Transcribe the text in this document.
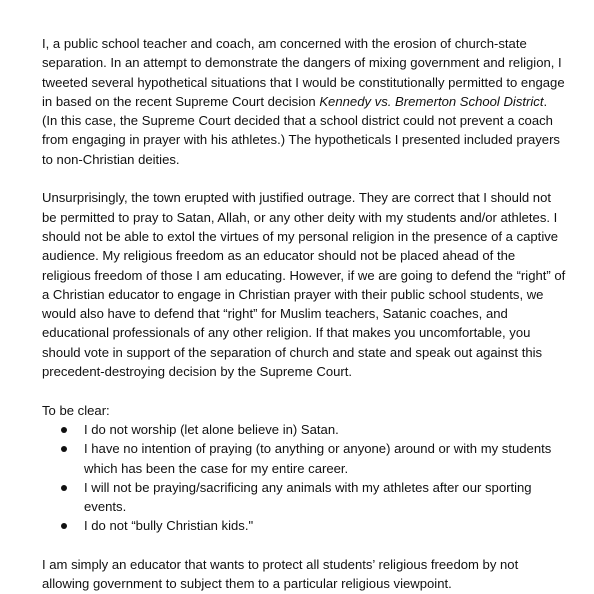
I, a public school teacher and coach, am concerned with the erosion of church-state separation. In an attempt to demonstrate the dangers of mixing government and religion, I tweeted several hypothetical situations that I would be constitutionally permitted to engage in based on the recent Supreme Court decision Kennedy vs. Bremerton School District. (In this case, the Supreme Court decided that a school district could not prevent a coach from engaging in prayer with his athletes.) The hypotheticals I presented included prayers to non-Christian deities.

Unsurprisingly, the town erupted with justified outrage. They are correct that I should not be permitted to pray to Satan, Allah, or any other deity with my students and/or athletes. I should not be able to extol the virtues of my personal religion in the presence of a captive audience. My religious freedom as an educator should not be placed ahead of the religious freedom of those I am educating. However, if we are going to defend the “right” of a Christian educator to engage in Christian prayer with their public school students, we would also have to defend that “right” for Muslim teachers, Satanic coaches, and educational professionals of any other religion. If that makes you uncomfortable, you should vote in support of the separation of church and state and speak out against this precedent-destroying decision by the Supreme Court.

To be clear:

I do not worship (let alone believe in) Satan.
I have no intention of praying (to anything or anyone) around or with my students which has been the case for my entire career.
I will not be praying/sacrificing any animals with my athletes after our sporting events.
I do not “bully Christian kids."

I am simply an educator that wants to protect all students’ religious freedom by not allowing government to subject them to a particular religious viewpoint.
